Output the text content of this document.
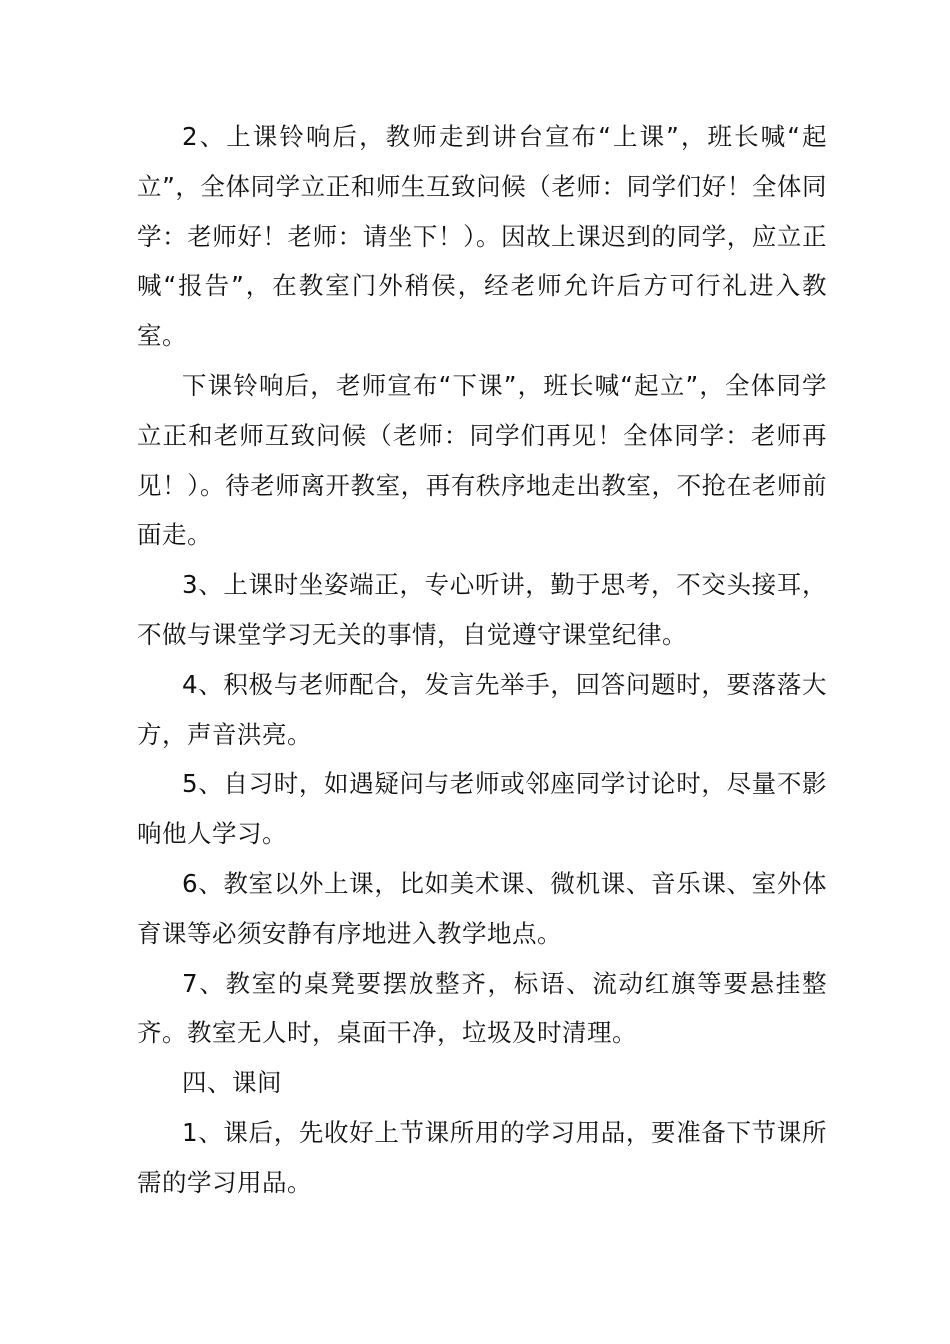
2、上课铃响后，教师走到讲台宣布“上课”，班长喊“起立”，全体同学立正和师生互致问候（老师：同学们好！全体同学：老师好！老师：请坐下！）。因故上课迟到的同学，应立正喊“报告”，在教室门外稍侯，经老师允许后方可行礼进入教室。

下课铃响后，老师宣布“下课”，班长喊“起立”，全体同学立正和老师互致问候（老师：同学们再见！全体同学：老师再见！）。待老师离开教室，再有秩序地走出教室，不抢在老师前面走。

3、上课时坐姿端正，专心听讲，勤于思考，不交头接耳，不做与课堂学习无关的事情，自觉遵守课堂纪律。

4、积极与老师配合，发言先举手，回答问题时，要落落大方，声音洪亮。

5、自习时，如遇疑问与老师或邻座同学讨论时，尽量不影响他人学习。

6、教室以外上课，比如美术课、微机课、音乐课、室外体育课等必须安静有序地进入教学地点。

7、教室的桌凳要摆放整齐，标语、流动红旗等要悬挂整齐。教室无人时，桌面干净，垃圾及时清理。

四、课间

1、课后，先收好上节课所用的学习用品，要准备下节课所需的学习用品。
